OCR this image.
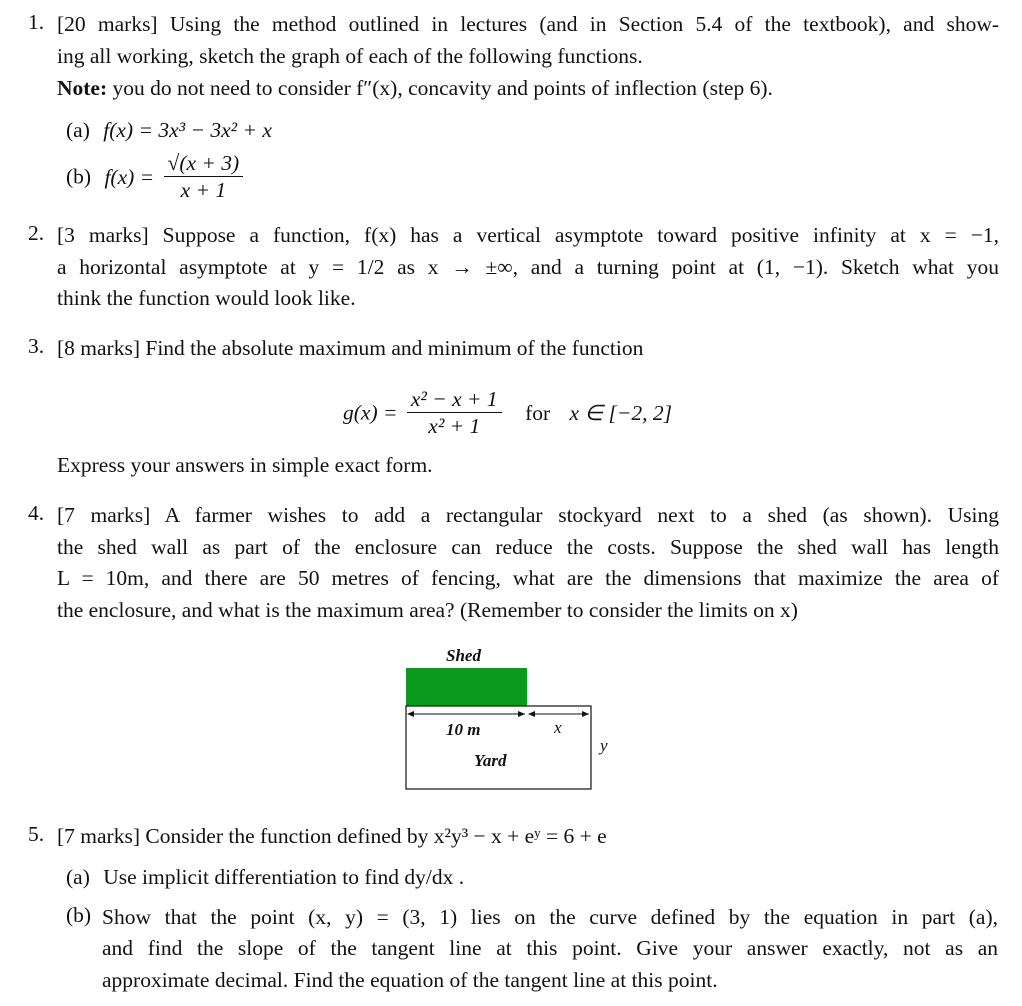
1. [20 marks] Using the method outlined in lectures (and in Section 5.4 of the textbook), and show-
ing all working, sketch the graph of each of the following functions.
Note: you do not need to consider f″(x), concavity and points of inflection (step 6).
(a) f(x) = 3x³ − 3x² + x
(b) $f(x) = \frac{√(x + 3)}{x + 1}$
2. [3 marks] Suppose a function, f(x) has a vertical asymptote toward positive infinity at x = −1,
a horizontal asymptote at y = 1/2 as x → ±∞, and a turning point at (1, −1). Sketch what you
think the function would look like.
3. [8 marks] Find the absolute maximum and minimum of the function
$g(x) = \frac{\text{x² − x + 1}}{\text{x² + 1}}$ for x ∈ [−2, 2]
Express your answers in simple exact form.
4. [7 marks] A farmer wishes to add a rectangular stockyard next to a shed (as shown). Using
the shed wall as part of the enclosure can reduce the costs. Suppose the shed wall has length
L = 10m, and there are 50 metres of fencing, what are the dimensions that maximize the area of
the enclosure, and what is the maximum area? (Remember to consider the limits on x)
Shed
10 m	x
y
Yard
5. [7 marks] Consider the function defined by x²y³ − x + eʸ = 6 + e
(a) Use implicit differentiation to find dy/dx .
(b) Show that the point (x, y) = (3, 1) lies on the curve defined by the equation in part (a),
and find the slope of the tangent line at this point. Give your answer exactly, not as an
approximate decimal. Find the equation of the tangent line at this point.
